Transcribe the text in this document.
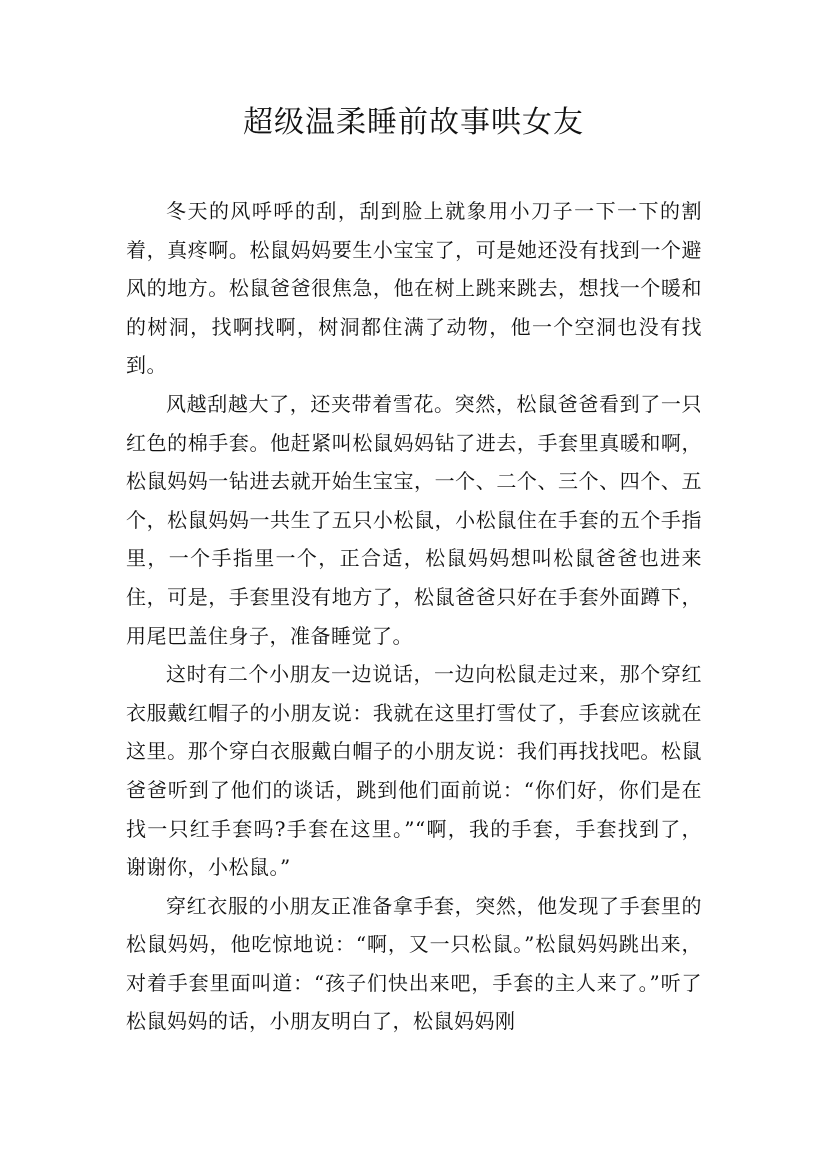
超级温柔睡前故事哄女友

冬天的风呼呼的刮，刮到脸上就象用小刀子一下一下的割着，真疼啊。松鼠妈妈要生小宝宝了，可是她还没有找到一个避风的地方。松鼠爸爸很焦急，他在树上跳来跳去，想找一个暖和的树洞，找啊找啊，树洞都住满了动物，他一个空洞也没有找到。

风越刮越大了，还夹带着雪花。突然，松鼠爸爸看到了一只红色的棉手套。他赶紧叫松鼠妈妈钻了进去，手套里真暖和啊，松鼠妈妈一钻进去就开始生宝宝，一个、二个、三个、四个、五个，松鼠妈妈一共生了五只小松鼠，小松鼠住在手套的五个手指里，一个手指里一个，正合适，松鼠妈妈想叫松鼠爸爸也进来住，可是，手套里没有地方了，松鼠爸爸只好在手套外面蹲下，用尾巴盖住身子，准备睡觉了。

这时有二个小朋友一边说话，一边向松鼠走过来，那个穿红衣服戴红帽子的小朋友说：我就在这里打雪仗了，手套应该就在这里。那个穿白衣服戴白帽子的小朋友说：我们再找找吧。松鼠爸爸听到了他们的谈话，跳到他们面前说：“你们好，你们是在找一只红手套吗?手套在这里。”“啊，我的手套，手套找到了，谢谢你，小松鼠。”

穿红衣服的小朋友正准备拿手套，突然，他发现了手套里的松鼠妈妈，他吃惊地说：“啊，又一只松鼠。”松鼠妈妈跳出来，对着手套里面叫道：“孩子们快出来吧，手套的主人来了。”听了松鼠妈妈的话，小朋友明白了，松鼠妈妈刚
